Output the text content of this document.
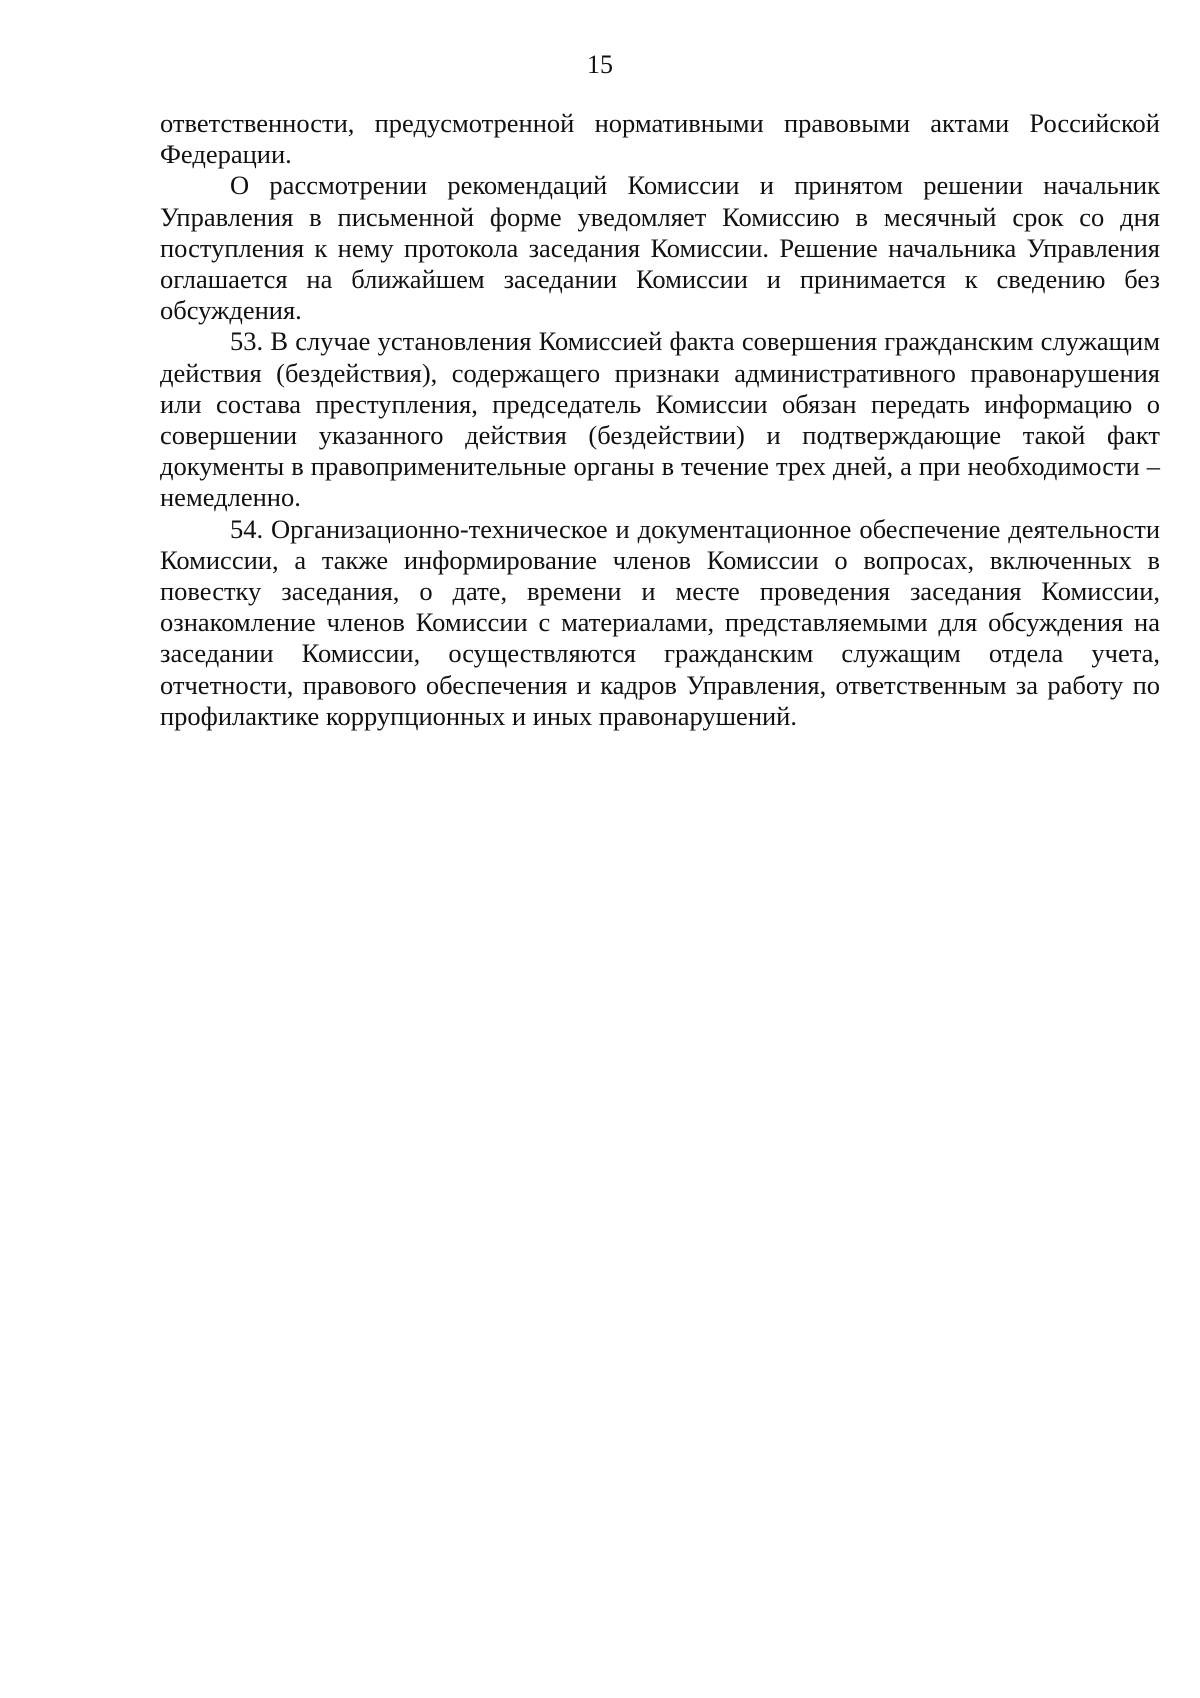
15

ответственности, предусмотренной нормативными правовыми актами Российской Федерации.

О рассмотрении рекомендаций Комиссии и принятом решении начальник Управления в письменной форме уведомляет Комиссию в месячный срок со дня поступления к нему протокола заседания Комиссии. Решение начальника Управления оглашается на ближайшем заседании Комиссии и принимается к сведению без обсуждения.

53. В случае установления Комиссией факта совершения гражданским служащим действия (бездействия), содержащего признаки административного правонарушения или состава преступления, председатель Комиссии обязан передать информацию о совершении указанного действия (бездействии) и подтверждающие такой факт документы в правоприменительные органы в течение трех дней, а при необходимости – немедленно.

54. Организационно-техническое и документационное обеспечение деятельности Комиссии, а также информирование членов Комиссии о вопросах, включенных в повестку заседания, о дате, времени и месте проведения заседания Комиссии, ознакомление членов Комиссии с материалами, представляемыми для обсуждения на заседании Комиссии, осуществляются гражданским служащим отдела учета, отчетности, правового обеспечения и кадров Управления, ответственным за работу по профилактике коррупционных и иных правонарушений.
